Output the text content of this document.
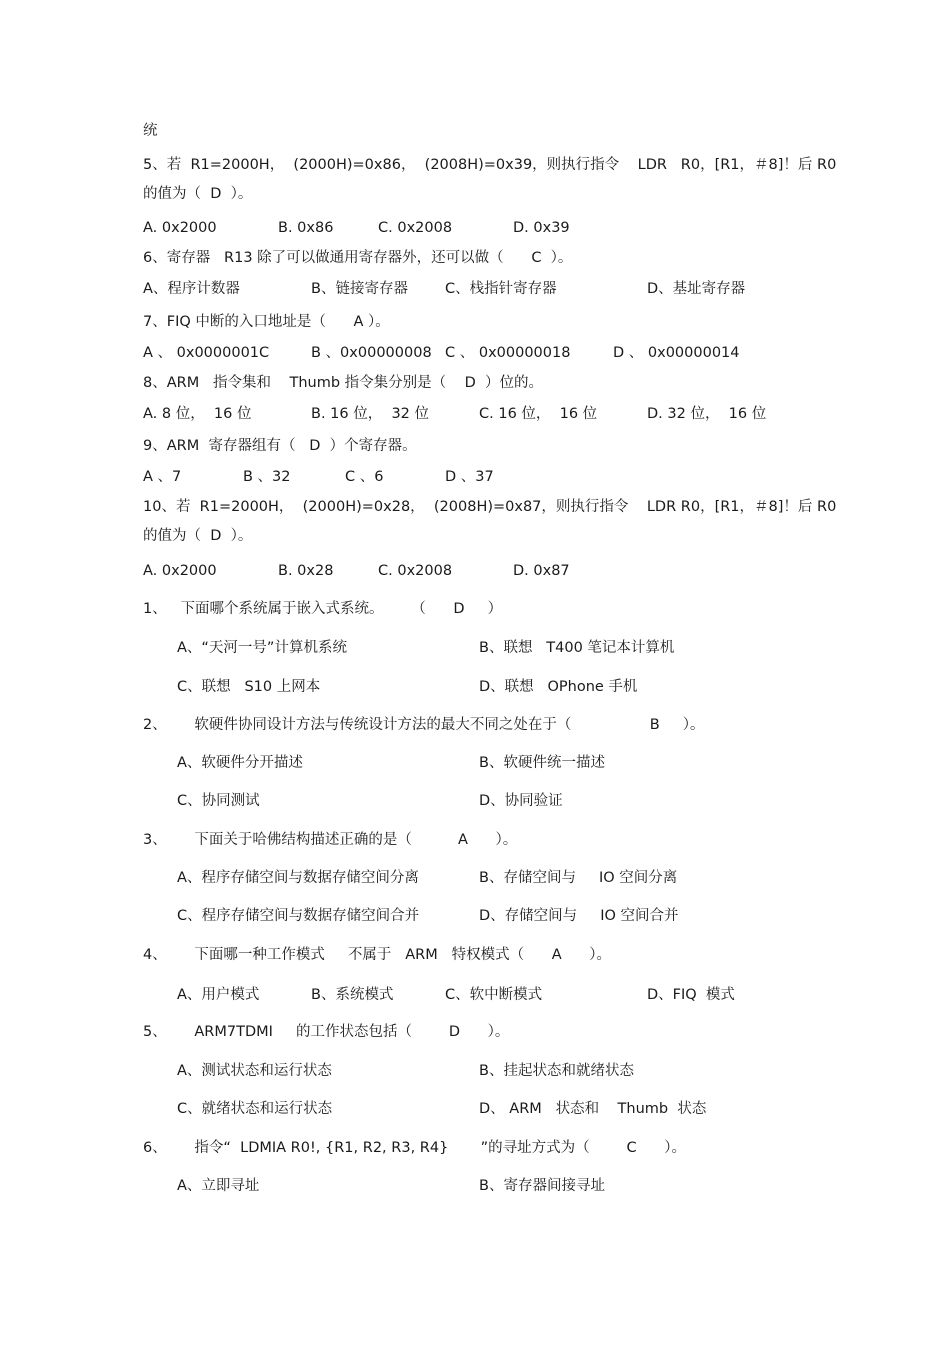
统
5、若  R1=2000H，  (2000H)=0x86，  (2008H)=0x39，则执行指令    LDR   R0，[R1，＃8]！后 R0
的值为（  D  ）。
A. 0x2000	B. 0x86	C. 0x2008	D. 0x39
6、寄存器   R13 除了可以做通用寄存器外，还可以做（      C  ）。
A、程序计数器	B、链接寄存器	C、栈指针寄存器	D、基址寄存器
7、FIQ 中断的入口地址是（      A ）。
A 、 0x0000001C	B 、0x00000008 C 、 0x00000018	D 、 0x00000014
8、ARM   指令集和    Thumb 指令集分别是（    D  ）位的。
A. 8 位，  16 位	B. 16 位，  32 位	C. 16 位，  16 位	D. 32 位，  16 位
9、ARM  寄存器组有（   D  ）个寄存器。
A 、7	B 、32	C 、6	D 、37
10、若  R1=2000H，  (2000H)=0x28，  (2008H)=0x87，则执行指令    LDR R0，[R1，＃8]！后 R0
的值为（  D  ）。
A. 0x2000	B. 0x28	C. 0x2008	D. 0x87
1、   下面哪个系统属于嵌入式系统。      （      D     ）
A、“天河一号”计算机系统	B、联想   T400 笔记本计算机
C、联想   S10 上网本	D、联想   OPhone 手机
2、      软硬件协同设计方法与传统设计方法的最大不同之处在于（                 B     ）。
A、软硬件分开描述	B、软硬件统一描述
C、协同测试	D、协同验证
3、      下面关于哈佛结构描述正确的是（          A      ）。
A、程序存储空间与数据存储空间分离	B、存储空间与     IO 空间分离
C、程序存储空间与数据存储空间合并	D、存储空间与     IO 空间合并
4、      下面哪一种工作模式     不属于   ARM   特权模式（      A      ）。
A、用户模式	B、系统模式	C、软中断模式	D、FIQ  模式
5、      ARM7TDMI     的工作状态包括（        D      ）。
A、测试状态和运行状态	B、挂起状态和就绪状态
C、就绪状态和运行状态	D、 ARM   状态和    Thumb  状态
6、      指令“  LDMIA R0!, {R1, R2, R3, R4}       ”的寻址方式为（        C      ）。
A、立即寻址	B、寄存器间接寻址
